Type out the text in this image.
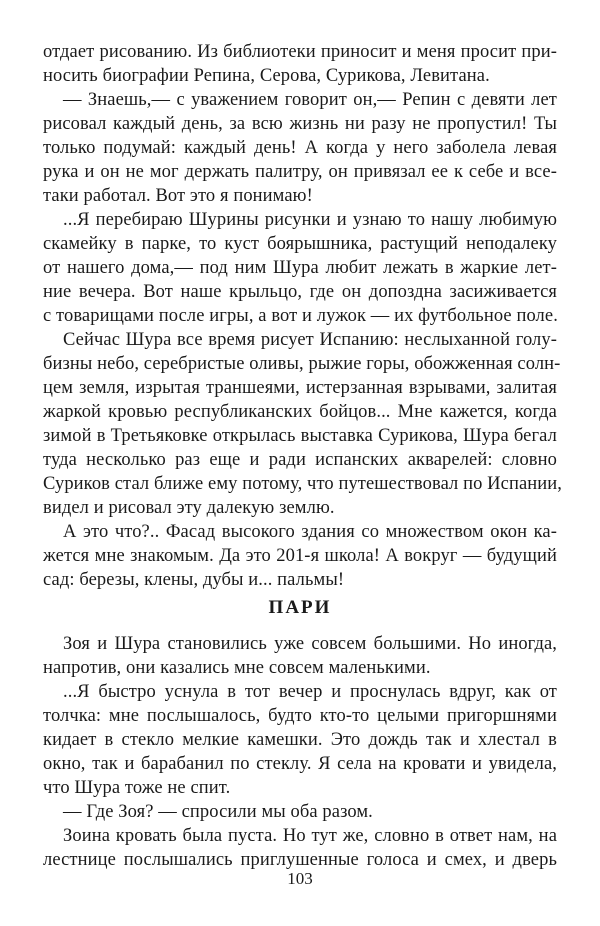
отдает рисованию. Из библиотеки приносит и меня просит при-
носить биографии Репина, Серова, Сурикова, Левитана.
— Знаешь,— с уважением говорит он,— Репин с девяти лет
рисовал каждый день, за всю жизнь ни разу не пропустил! Ты
только подумай: каждый день! А когда у него заболела левая
рука и он не мог держать палитру, он привязал ее к себе и все-
таки работал. Вот это я понимаю!
...Я перебираю Шурины рисунки и узнаю то нашу любимую
скамейку в парке, то куст боярышника, растущий неподалеку
от нашего дома,— под ним Шура любит лежать в жаркие лет-
ние вечера. Вот наше крыльцо, где он допоздна засиживается
с товарищами после игры, а вот и лужок — их футбольное поле.
Сейчас Шура все время рисует Испанию: неслыханной голу-
бизны небо, серебристые оливы, рыжие горы, обожженная солн-
цем земля, изрытая траншеями, истерзанная взрывами, залитая
жаркой кровью республиканских бойцов... Мне кажется, когда
зимой в Третьяковке открылась выставка Сурикова, Шура бегал
туда несколько раз еще и ради испанских акварелей: словно
Суриков стал ближе ему потому, что путешествовал по Испании,
видел и рисовал эту далекую землю.
А это что?.. Фасад высокого здания со множеством окон ка-
жется мне знакомым. Да это 201-я школа! А вокруг — будущий
сад: березы, клены, дубы и... пальмы!
ПАРИ
Зоя и Шура становились уже совсем большими. Но иногда,
напротив, они казались мне совсем маленькими.
...Я быстро уснула в тот вечер и проснулась вдруг, как от
толчка: мне послышалось, будто кто-то целыми пригоршнями
кидает в стекло мелкие камешки. Это дождь так и хлестал в
окно, так и барабанил по стеклу. Я села на кровати и увидела,
что Шура тоже не спит.
— Где Зоя? — спросили мы оба разом.
Зоина кровать была пуста. Но тут же, словно в ответ нам, на
лестнице послышались приглушенные голоса и смех, и дверь
103
